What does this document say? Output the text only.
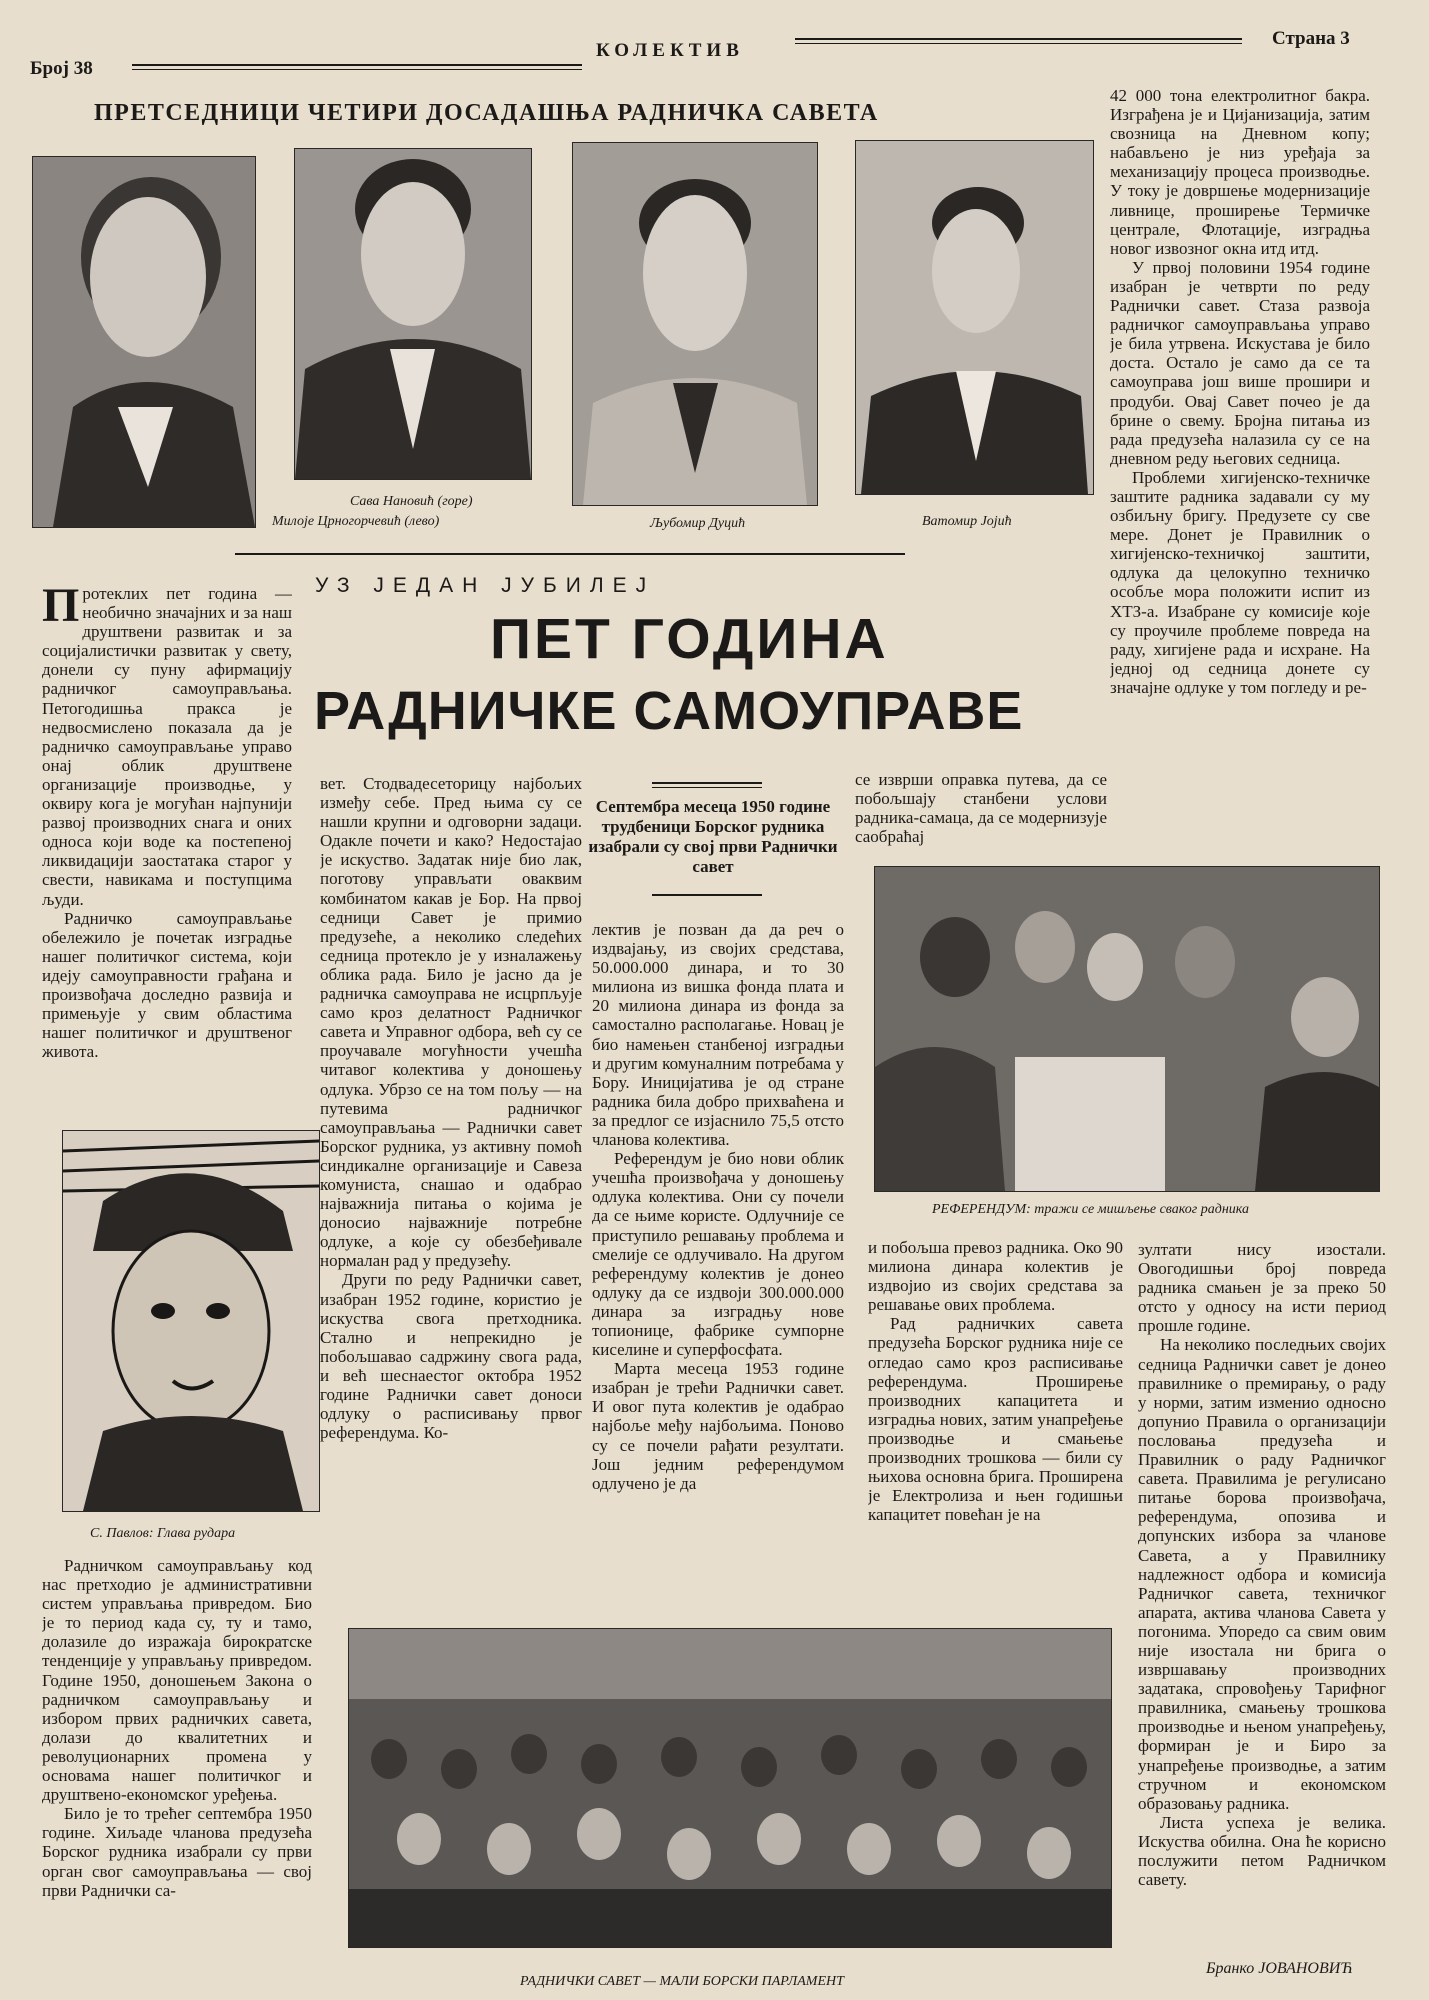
Број 38
КОЛЕКТИВ
Страна 3
ПРЕТСЕДНИЦИ ЧЕТИРИ ДОСАДАШЊА РАДНИЧКА САВЕТА
Сава Нановић (горе)
Милоје Црногорчевић (лево)	Љубомир Дуцић	Ватомир Јојић
П ротеклих пет година — необично значајних и за наш друштвени развитак и за социјалистички развитак у свету, донели су пуну афирмацију радничког самоуправљања. Петогодишња пракса је недвосмислено показала да је радничко самоуправљање управо онај облик друштвене организације производње, у оквиру кога је могућан најпунији развој производних снага и оних односа који воде ка постепеној ликвидацији заостатака старог у свести, навикама и поступцима људи.

Радничко самоуправљање обележило је почетак изградње нашег политичког система, који идеју самоуправности грађана и произвођача доследно развија и примењује у свим областима нашег политичког и друштвеног живота.

С. Павлов: Глава рудара

Радничком самоуправљању код нас претходио је административни систем управљања привредом. Био је то период када су, ту и тамо, долазиле до изражаја бирократске тенденције у управљању привредом. Године 1950, доношењем Закона о радничком самоуправљању и избором првих радничких савета, долази до квалитетних и револуционарних промена у основама нашег политичког и друштвено-економског уређења.

Било је то трећег септембра 1950 године. Хиљаде чланова предузећа Борског рудника изабрали су први орган свог самоуправљања — свој први Раднички са-

УЗ ЈЕДАН ЈУБИЛЕЈ
ПЕТ ГОДИНА
РАДНИЧКЕ САМОУПРАВЕ

вет. Стодвадесеторицу најбољих између себе. Пред њима су се нашли крупни и одговорни задаци. Одакле почети и како? Недостајао је искуство. Задатак није био лак, поготову управљати оваквим комбинатом какав је Бор. На првој седници Савет је примио предузеће, а неколико следећих седница протекло је у изналажењу облика рада. Било је јасно да је радничка самоуправа не исцрпљује само кроз делатност Радничког савета и Управног одбора, већ су се проучавале могућности учешћа читавог колектива у доношењу одлука. Убрзо се на том пољу — на путевима радничког самоуправљања — Раднички савет Борског рудника, уз активну помоћ синдикалне организације и Савеза комуниста, снашао и одабрао најважнија питања о којима је доносио најважније потребне одлуке, а које су обезбеђивале нормалан рад у предузећу.

Други по реду Раднички савет, изабран 1952 године, користио је искуства свога претходника. Стално и непрекидно је побољшавао садржину свога рада, и већ шеснаестог октобра 1952 године Раднички савет доноси одлуку о расписивању првог референдума. Ко-

Септембра месеца 1950 године трудбеници Борског рудника изабрали су свој први Раднички савет

лектив је позван да да реч о издвајању, из својих средстава, 50.000.000 динара, и то 30 милиона из вишка фонда плата и 20 милиона динара из фонда за самостално располагање. Новац је био намењен станбеној изградњи и другим комуналним потребама у Бору. Иницијатива је од стране радника била добро прихваћена и за предлог се изјаснило 75,5 отсто чланова колектива.

Референдум је био нови облик учешћа произвођача у доношењу одлука колектива. Они су почели да се њиме користе. Одлучније се приступило решавању проблема и смелије се одлучивало. На другом референдуму колектив је донео одлуку да се издвоји 300.000.000 динара за изградњу нове топионице, фабрике сумпорне киселине и суперфосфата.

Марта месеца 1953 године изабран је трећи Раднички савет. И овог пута колектив је одабрао најбоље међу најбољима. Поново су се почели рађати резултати. Још једним референдумом одлучено је да

се изврши оправка путева, да се побољшају станбени услови радника-самаца, да се модернизује саобраћај

РЕФЕРЕНДУМ: тражи се мишљење сваког радника

и побољша превоз радника. Око 90 милиона динара колектив је издвојио из својих средстава за решавање ових проблема.

Рад радничких савета предузећа Борског рудника није се огледао само кроз расписивање референдума. Проширење производних капацитета и изградња нових, затим унапређење производње и смањење производних трошкова — били су њихова основна брига. Проширена је Електролиза и њен годишњи капацитет повећан је на

42 000 тона електролитног бакра. Изграђена је и Цијанизација, затим свозница на Дневном копу; набављено је низ уређаја за механизацију процеса производње. У току је довршење модернизације ливнице, проширење Термичке централе, Флотације, изградња новог извозног окна итд итд.

У првој половини 1954 године изабран је четврти по реду Раднички савет. Стаза развоја радничког самоуправљања управо је била утрвена. Искустава је било доста. Остало је само да се та самоуправа још више прошири и продуби. Овај Савет почео је да брине о свему. Броjна питања из рада предузећа налазила су се на дневном реду његових седница.

Проблеми хигијенско-техничке заштите радника задавали су му озбиљну бригу. Предузете су све мере. Донет је Правилник о хигијенско-техничкој заштити, одлука да целокупно техничко особље мора положити испит из ХТЗ-а. Изабране су комисије које су проучиле проблеме повреда на раду, хигијене рада и исхране. На једној од седница донете су значајне одлуке у том погледу и ре-

зултати нису изостали. Овогодишњи број повреда радника смањен је за преко 50 отсто у односу на исти период прошле године.

На неколико последњих својих седница Раднички савет је донео правилнике о премирању, о раду у норми, затим изменио односно допунио Правила о организацији пословања предузећа и Правилник о раду Радничког савета. Правилима је регулисано питање борова произвођача, референдума, опозива и допунских избора за чланове Савета, а у Правилнику надлежност одбора и комисија Радничког савета, техничког апарата, актива чланова Савета у погонима. Упоредо са свим овим није изостала ни брига о извршавању производних задатака, спровођењу Тарифног правилника, смањењу трошкова производње и њеном унапређењу, формиран је и Биро за унапређење производње, а затим стручном и економском образовању радника.

Листа успеха је велика. Искуства обилна. Она ће корисно послужити петом Радничком савету.

Бранко ЈОВАНОВИЋ
РАДНИЧКИ САВЕТ — МАЛИ БОРСКИ ПАРЛАМЕНТ
